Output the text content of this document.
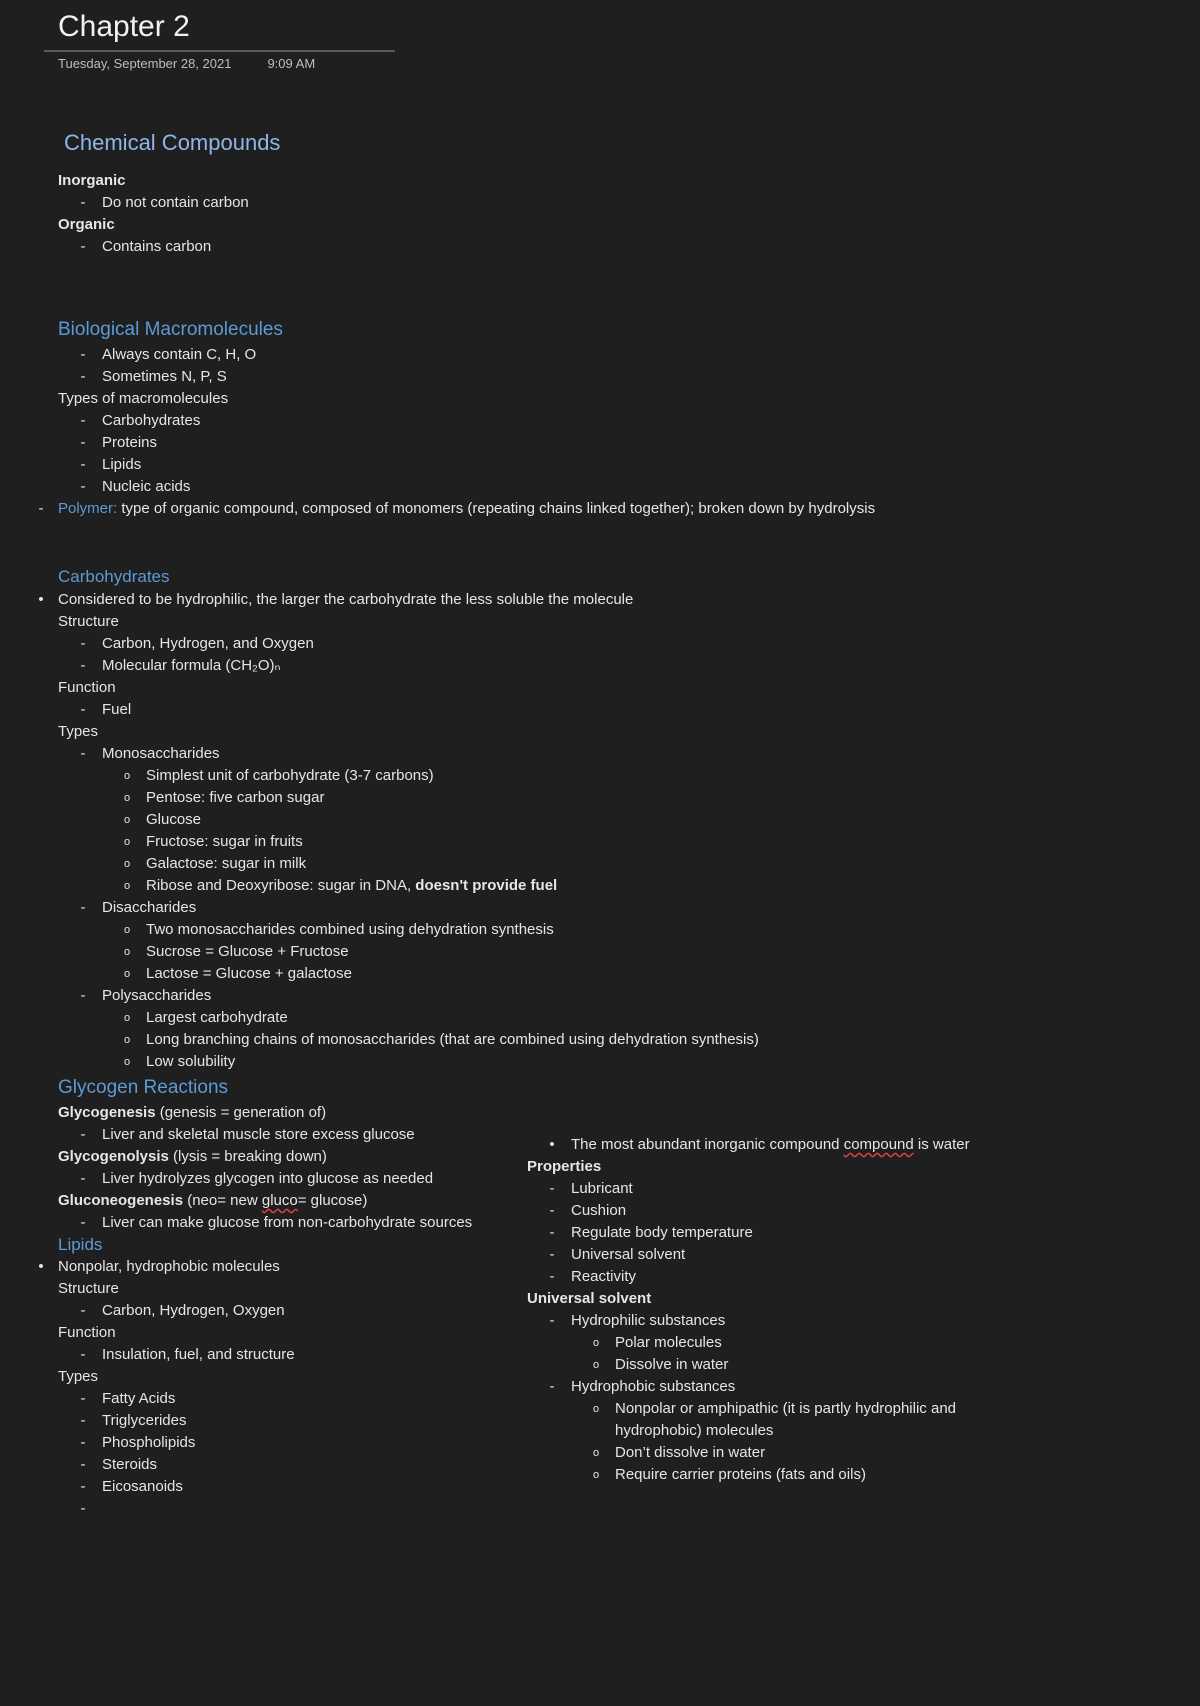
Chapter 2
Tuesday, September 28, 2021	9:09 AM
Chemical Compounds
Inorganic
-	Do not contain carbon
Organic
-	Contains carbon
Biological Macromolecules
-	Always contain C, H, O
-	Sometimes N, P, S
Types of macromolecules
-	Carbohydrates
-	Proteins
-	Lipids
-	Nucleic acids
- Polymer: type of organic compound, composed of monomers (repeating chains linked together); broken down by hydrolysis
Carbohydrates
• Considered to be hydrophilic, the larger the carbohydrate the less soluble the molecule
Structure
-	Carbon, Hydrogen, and Oxygen
-	Molecular formula (CH₂O)ₙ
Function
-	Fuel
Types
-	Monosaccharides
o Simplest unit of carbohydrate (3-7 carbons)
o Pentose: five carbon sugar
o Glucose
o Fructose: sugar in fruits
o Galactose: sugar in milk
o Ribose and Deoxyribose: sugar in DNA, doesn't provide fuel
-	Disaccharides
o Two monosaccharides combined using dehydration synthesis
o Sucrose = Glucose + Fructose
o Lactose = Glucose + galactose
-	Polysaccharides
o Largest carbohydrate
o Long branching chains of monosaccharides (that are combined using dehydration synthesis)
o Low solubility
Glycogen Reactions
Glycogenesis (genesis = generation of)
-	Liver and skeletal muscle store excess glucose
Glycogenolysis (lysis = breaking down)
-	Liver hydrolyzes glycogen into glucose as needed
Gluconeogenesis (neo= new gluco= glucose)
-	Liver can make glucose from non-carbohydrate sources
Lipids
• Nonpolar, hydrophobic molecules
Structure
-	Carbon, Hydrogen, Oxygen
Function
-	Insulation, fuel, and structure
Types
-	Fatty Acids
-	Triglycerides
-	Phospholipids
-	Steroids
-	Eicosanoids
-
• The most abundant inorganic compound compound is water
Properties
-	Lubricant
-	Cushion
-	Regulate body temperature
-	Universal solvent
-	Reactivity
Universal solvent
-	Hydrophilic substances
o Polar molecules
o Dissolve in water
-	Hydrophobic substances
o Nonpolar or amphipathic (it is partly hydrophilic and hydrophobic) molecules
o Don’t dissolve in water
o Require carrier proteins (fats and oils)
